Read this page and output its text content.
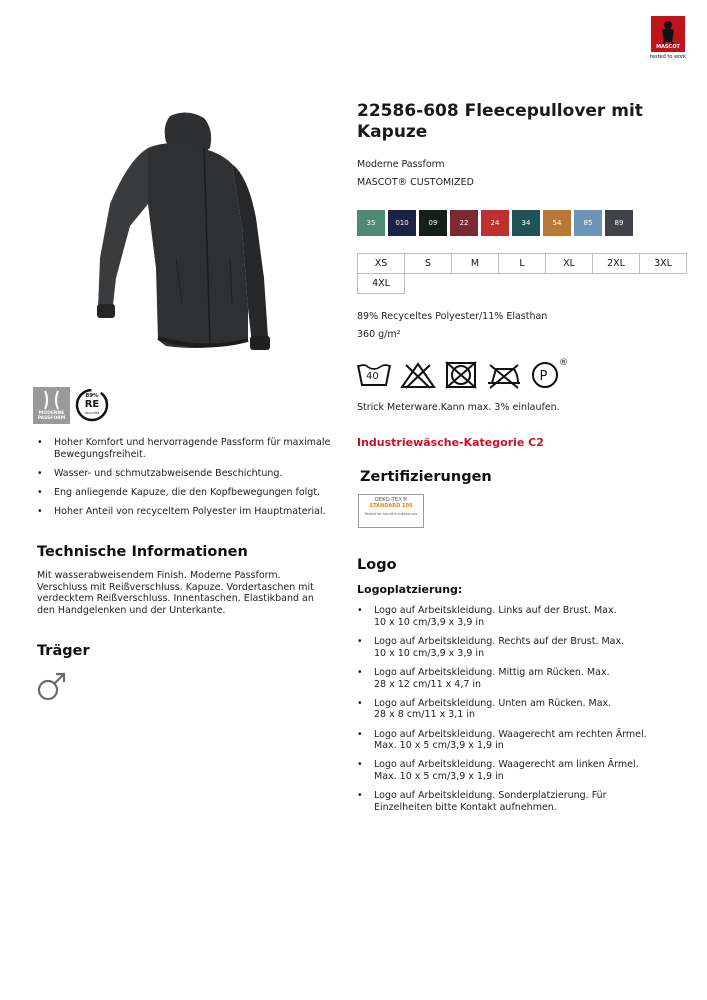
MASCOT
tested to work
MODERNE
PASSFORM
89%
RE
recycled
• Hoher Komfort und hervorragende Passform für maximale Bewegungsfreiheit.
• Wasser- und schmutzabweisende Beschichtung.
• Eng anliegende Kapuze, die den Kopfbewegungen folgt.
• Hoher Anteil von recyceltem Polyester im Hauptmaterial.
Technische Informationen
Mit wasserabweisendem Finish. Moderne Passform. Verschluss mit Reißverschluss. Kapuze. Vordertaschen mit verdecktem Reißverschluss. Innentaschen. Elastikband an den Handgelenken und der Unterkante.
Träger
22586-608 Fleecepullover mit Kapuze
Moderne Passform
MASCOT® CUSTOMIZED
35	010	09	22	24	34	54	85	89
XS	S	M	L	XL	2XL	3XL
4XL
89% Recyceltes Polyester/11% Elasthan
360 g/m²
40	P
®
Strick Meterware.Kann max. 3% einlaufen.
Industriewäsche-Kategorie C2
Zertifizierungen
OEKO-TEX®
STANDARD 100
Tested for harmful substances
Logo
Logoplatzierung:
• Logo auf Arbeitskleidung. Links auf der Brust. Max.
10 x 10 cm/3,9 x 3,9 in
• Logo auf Arbeitskleidung. Rechts auf der Brust. Max.
10 x 10 cm/3,9 x 3,9 in
• Logo auf Arbeitskleidung. Mittig am Rücken. Max.
28 x 12 cm/11 x 4,7 in
• Logo auf Arbeitskleidung. Unten am Rücken. Max.
28 x 8 cm/11 x 3,1 in
• Logo auf Arbeitskleidung. Waagerecht am rechten Ärmel.
Max. 10 x 5 cm/3,9 x 1,9 in
• Logo auf Arbeitskleidung. Waagerecht am linken Ärmel.
Max. 10 x 5 cm/3,9 x 1,9 in
• Logo auf Arbeitskleidung. Sonderplatzierung. Für
Einzelheiten bitte Kontakt aufnehmen.
